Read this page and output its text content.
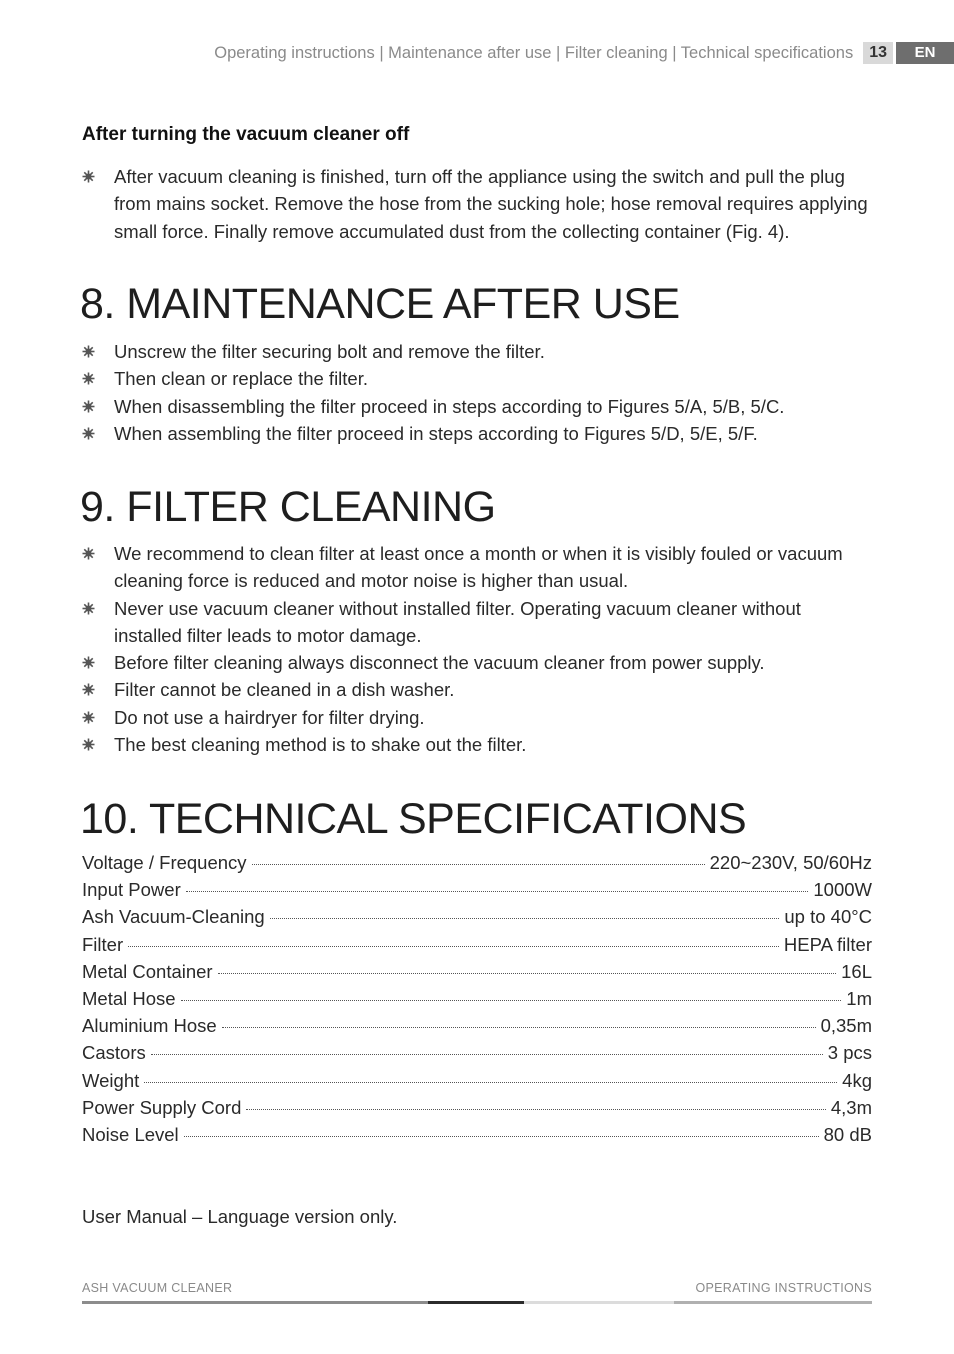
Operating instructions | Maintenance after use | Filter cleaning | Technical specifications	13	EN
After turning the vacuum cleaner off
After vacuum cleaning is finished, turn off the appliance using the switch and pull the plug from mains socket. Remove the hose from the sucking hole; hose removal requires applying small force. Finally remove accumulated dust from the collecting container (Fig. 4).
8. MAINTENANCE AFTER USE
Unscrew the filter securing bolt and remove the filter.
Then clean or replace the filter.
When disassembling the filter proceed in steps according to Figures 5/A, 5/B, 5/C.
When assembling the filter proceed in steps according to Figures 5/D, 5/E, 5/F.
9. FILTER CLEANING
We recommend to clean filter at least once a month or when it is visibly fouled or vacuum cleaning force is reduced and motor noise is higher than usual.
Never use vacuum cleaner without installed filter. Operating vacuum cleaner without installed filter leads to motor damage.
Before filter cleaning always disconnect the vacuum cleaner from power supply.
Filter cannot be cleaned in a dish washer.
Do not use a hairdryer for filter drying.
The best cleaning method is to shake out the filter.
10. TECHNICAL SPECIFICATIONS
Voltage / Frequency	220~230V, 50/60Hz
Input Power	1000W
Ash Vacuum-Cleaning	up to 40°C
Filter	HEPA filter
Metal Container	16L
Metal Hose	1m
Aluminium Hose	0,35m
Castors	3 pcs
Weight	4kg
Power Supply Cord	4,3m
Noise Level	80 dB
User Manual – Language version only.
ASH VACUUM CLEANER	OPERATING INSTRUCTIONS
